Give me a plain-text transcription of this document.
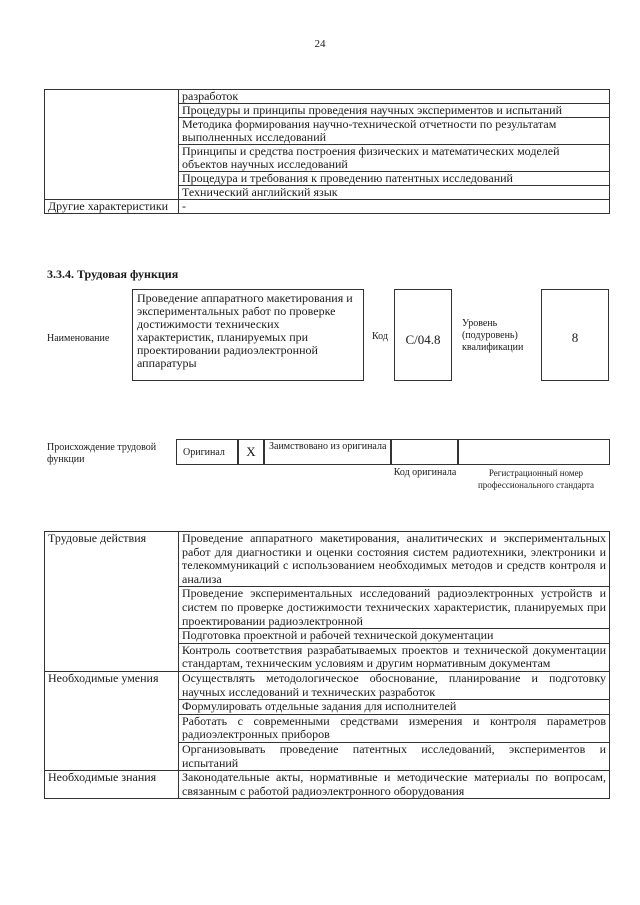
24
	разработок
	Процедуры и принципы проведения научных экспериментов и испытаний
	Методика формирования научно-технической отчетности по результатам выполненных исследований
	Принципы и средства построения физических и математических моделей объектов научных исследований
	Процедура и требования к проведению патентных исследований
	Технический английский язык
Другие характеристики	-
3.3.4. Трудовая функция
Наименование
Проведение аппаратного макетирования и экспериментальных работ по проверке достижимости технических характеристик, планируемых при проектировании радиоэлектронной аппаратуры
Код	C/04.8
Уровень (подуровень) квалификации
8
Происхождение трудовой функции
Оригинал	X	Заимствовано из оригинала
Код оригинала	Регистрационный номер профессионального стандарта
Трудовые действия	Проведение аппаратного макетирования, аналитических и экспериментальных работ для диагностики и оценки состояния систем радиотехники, электроники и телекоммуникаций с использованием необходимых методов и средств контроля и анализа
	Проведение экспериментальных исследований радиоэлектронных устройств и систем по проверке достижимости технических характеристик, планируемых при проектировании радиоэлектронной
	Подготовка проектной и рабочей технической документации
	Контроль соответствия разрабатываемых проектов и технической документации стандартам, техническим условиям и другим нормативным документам
Необходимые умения	Осуществлять методологическое обоснование, планирование и подготовку научных исследований и технических разработок
	Формулировать отдельные задания для исполнителей
	Работать с современными средствами измерения и контроля параметров радиоэлектронных приборов
	Организовывать проведение патентных исследований, экспериментов и испытаний
Необходимые знания	Законодательные акты, нормативные и методические материалы по вопросам, связанным с работой радиоэлектронного оборудования
